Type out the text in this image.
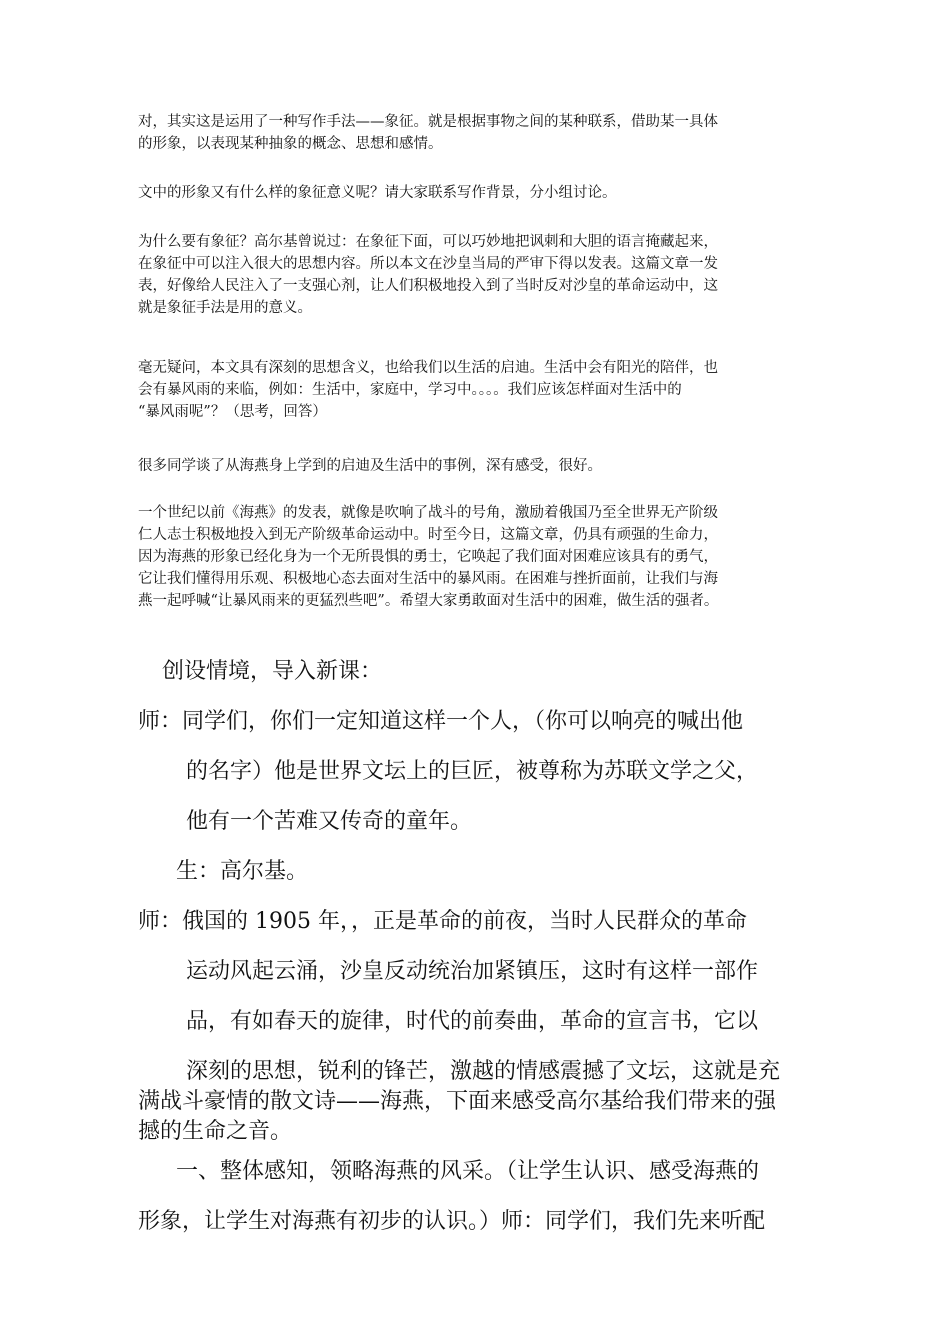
对，其实这是运用了一种写作手法——象征。就是根据事物之间的某种联系，借助某一具体
的形象，以表现某种抽象的概念、思想和感情。
文中的形象又有什么样的象征意义呢？请大家联系写作背景，分小组讨论。
为什么要有象征？高尔基曾说过：在象征下面，可以巧妙地把讽刺和大胆的语言掩藏起来，
在象征中可以注入很大的思想内容。所以本文在沙皇当局的严审下得以发表。这篇文章一发
表，好像给人民注入了一支强心剂，让人们积极地投入到了当时反对沙皇的革命运动中，这
就是象征手法是用的意义。
毫无疑问，本文具有深刻的思想含义，也给我们以生活的启迪。生活中会有阳光的陪伴，也
会有暴风雨的来临，例如：生活中，家庭中，学习中。。。。我们应该怎样面对生活中的
“暴风雨呢”？（思考，回答）
很多同学谈了从海燕身上学到的启迪及生活中的事例，深有感受，很好。
一个世纪以前《海燕》的发表，就像是吹响了战斗的号角，激励着俄国乃至全世界无产阶级
仁人志士积极地投入到无产阶级革命运动中。时至今日，这篇文章，仍具有顽强的生命力，
因为海燕的形象已经化身为一个无所畏惧的勇士，它唤起了我们面对困难应该具有的勇气，
它让我们懂得用乐观、积极地心态去面对生活中的暴风雨。在困难与挫折面前，让我们与海
燕一起呼喊“让暴风雨来的更猛烈些吧”。希望大家勇敢面对生活中的困难，做生活的强者。
创设情境，导入新课：
师：同学们，你们一定知道这样一个人，（你可以响亮的喊出他
的名字）他是世界文坛上的巨匠，被尊称为苏联文学之父，
他有一个苦难又传奇的童年。
生：高尔基。
师：俄国的 1905 年，，正是革命的前夜，当时人民群众的革命
运动风起云涌，沙皇反动统治加紧镇压，这时有这样一部作
品，有如春天的旋律，时代的前奏曲，革命的宣言书，它以
深刻的思想，锐利的锋芒，激越的情感震撼了文坛，这就是充
满战斗豪情的散文诗——海燕，下面来感受高尔基给我们带来的强
撼的生命之音。
一、整体感知，领略海燕的风采。（让学生认识、感受海燕的
形象，让学生对海燕有初步的认识。）师：同学们，我们先来听配
